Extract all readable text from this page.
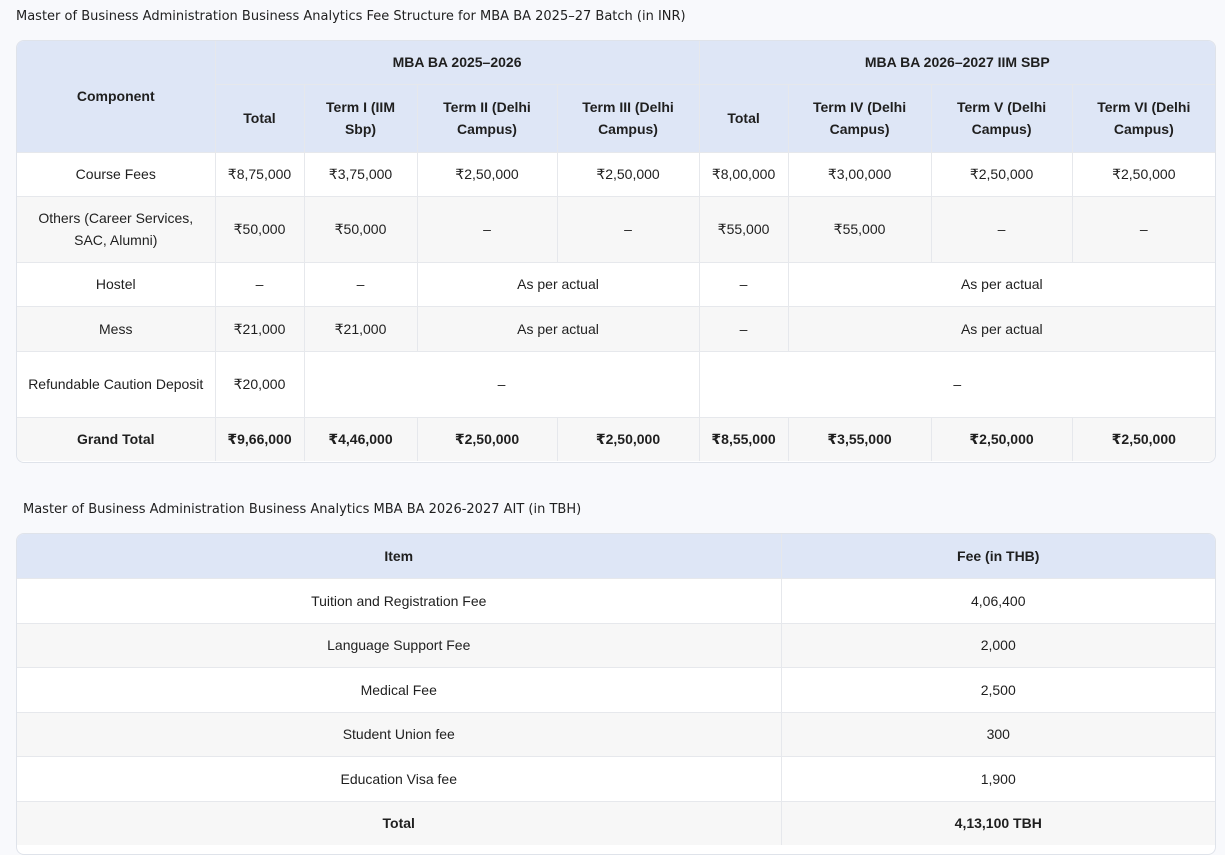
Master of Business Administration Business Analytics Fee Structure for MBA BA 2025–27 Batch (in INR)
Component	MBA BA 2025–2026				MBA BA 2026–2027 IIM SBP			
	Total	Term I (IIM Sbp)	Term II (Delhi Campus)	Term III (Delhi Campus)	Total	Term IV (Delhi Campus)	Term V (Delhi Campus)	Term VI (Delhi Campus)
Course Fees	₹8,75,000	₹3,75,000	₹2,50,000	₹2,50,000	₹8,00,000	₹3,00,000	₹2,50,000	₹2,50,000
Others (Career Services, SAC, Alumni)	₹50,000	₹50,000	–	–	₹55,000	₹55,000	–	–
Hostel	–	–	As per actual		–	As per actual		
Mess	₹21,000	₹21,000	As per actual		–	As per actual		
Refundable Caution Deposit	₹20,000	–			–			
Grand Total	₹9,66,000	₹4,46,000	₹2,50,000	₹2,50,000	₹8,55,000	₹3,55,000	₹2,50,000	₹2,50,000
Master of Business Administration Business Analytics MBA BA 2026-2027 AIT (in TBH)
Item	Fee (in THB)
Tuition and Registration Fee	4,06,400
Language Support Fee	2,000
Medical Fee	2,500
Student Union fee	300
Education Visa fee	1,900
Total	4,13,100 TBH
